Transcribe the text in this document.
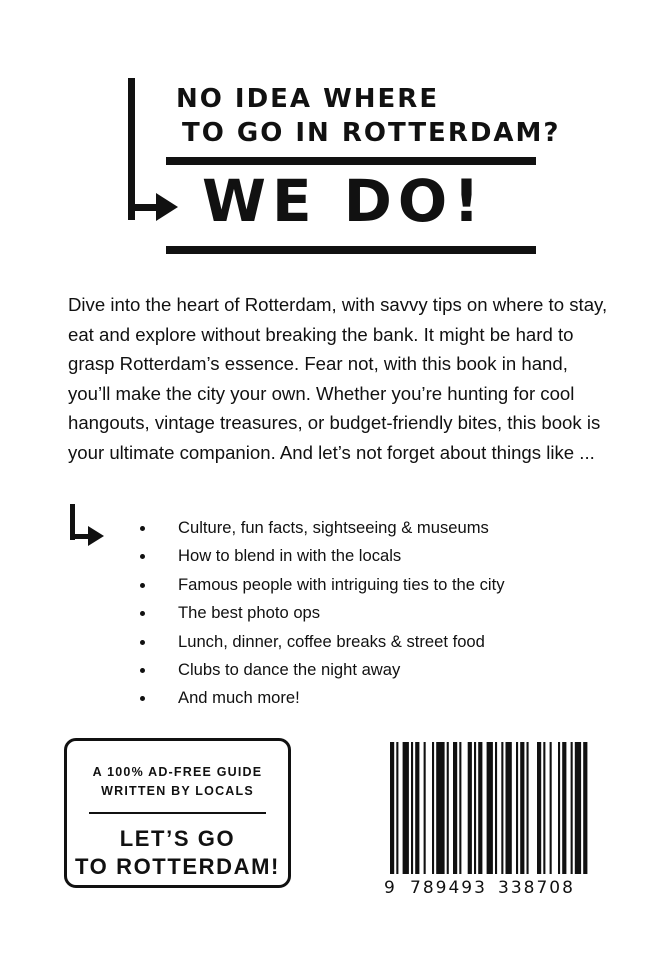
NO IDEA WHERE
TO GO IN ROTTERDAM?
WE DO!

Dive into the heart of Rotterdam, with savvy tips on where to stay, eat and explore without breaking the bank. It might be hard to grasp Rotterdam’s essence. Fear not, with this book in hand, you’ll make the city your own. Whether you’re hunting for cool hangouts, vintage treasures, or budget-friendly bites, this book is your ultimate companion. And let’s not forget about things like ...

Culture, fun facts, sightseeing & museums
How to blend in with the locals
Famous people with intriguing ties to the city
The best photo ops
Lunch, dinner, coffee breaks & street food
Clubs to dance the night away
And much more!
A 100% AD-FREE GUIDE
WRITTEN BY LOCALS
LET’S GO
TO ROTTERDAM!
9 789493 338708
